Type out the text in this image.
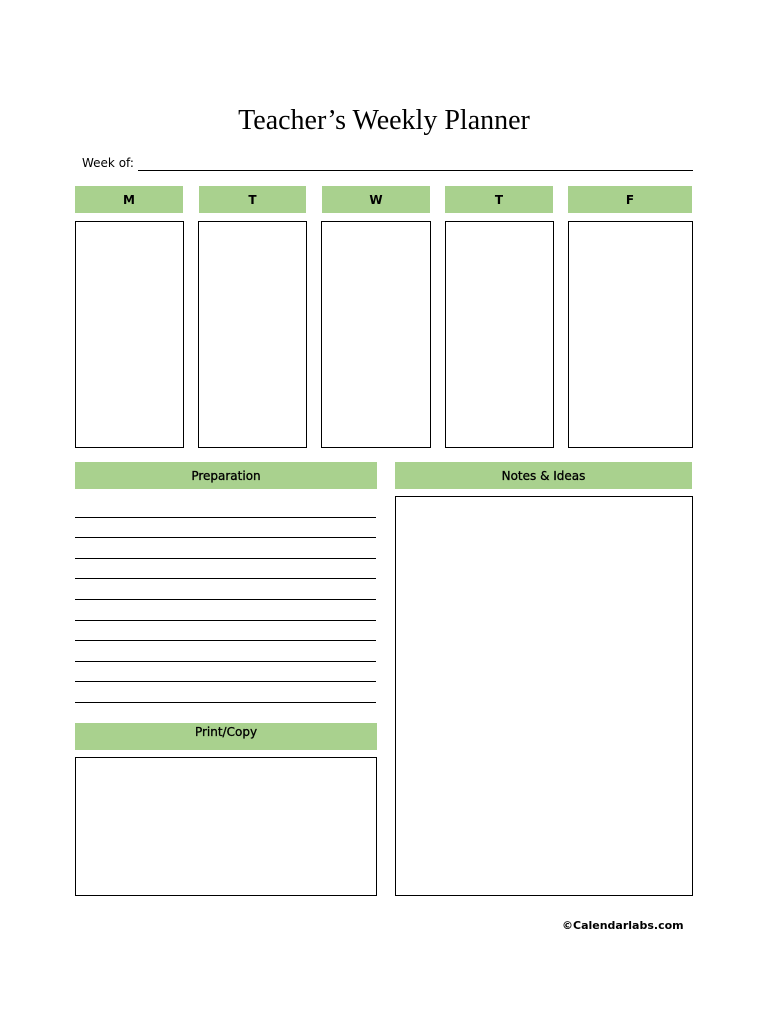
Teacher’s Weekly Planner
Week of:
M	T	W	T	F
Preparation
Print/Copy
Notes & Ideas
©Calendarlabs.com
